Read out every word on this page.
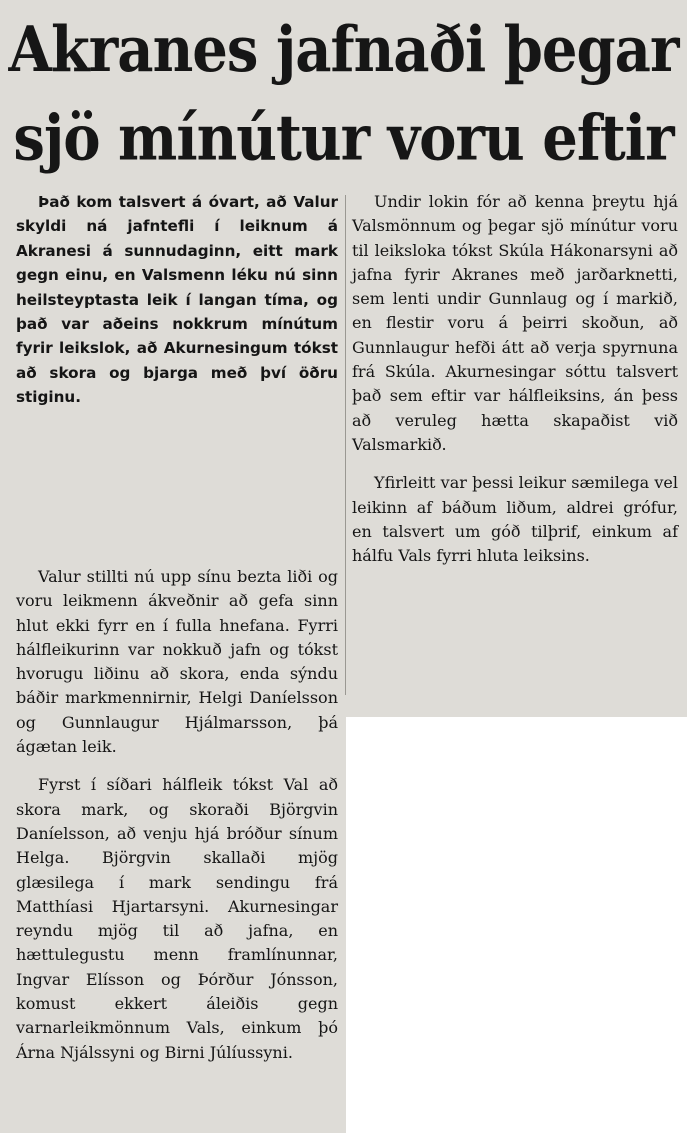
Akranes jafnaði þegar
sjö mínútur voru eftir

Það kom talsvert á óvart, að Valur skyldi ná jafntefli í leiknum á Akranesi á sunnudaginn, eitt mark gegn einu, en Valsmenn léku nú sinn heilsteyptasta leik í langan tíma, og það var aðeins nokkrum mínútum fyrir leikslok, að Akurnesingum tókst að skora og bjarga með því öðru stiginu.

Valur stillti nú upp sínu bezta liði og voru leikmenn ákveðnir að gefa sinn hlut ekki fyrr en í fulla hnefana. Fyrri hálfleikurinn var nokkuð jafn og tókst hvorugu liðinu að skora, enda sýndu báðir markmennirnir, Helgi Daníelsson og Gunnlaugur Hjálmarsson, þá ágætan leik.

Fyrst í síðari hálfleik tókst Val að skora mark, og skoraði Björgvin Daníelsson, að venju hjá bróður sínum Helga. Björgvin skallaði mjög glæsilega í mark sendingu frá Matthíasi Hjartarsyni. Akurnesingar reyndu mjög til að jafna, en hættulegustu menn framlínunnar, Ingvar Elísson og Þórður Jónsson, komust ekkert áleiðis gegn varnarleikmönnum Vals, einkum þó Árna Njálssyni og Birni Júlíussyni.

Undir lokin fór að kenna þreytu hjá Valsmönnum og þegar sjö mínútur voru til leiksloka tókst Skúla Hákonarsyni að jafna fyrir Akranes með jarðarknetti, sem lenti undir Gunnlaug og í markið, en flestir voru á þeirri skoðun, að Gunnlaugur hefði átt að verja spyrnuna frá Skúla. Akurnesingar sóttu talsvert það sem eftir var hálfleiksins, án þess að veruleg hætta skapaðist við Valsmarkið.

Yfirleitt var þessi leikur sæmilega vel leikinn af báðum liðum, aldrei grófur, en talsvert um góð tilþrif, einkum af hálfu Vals fyrri hluta leiksins.
